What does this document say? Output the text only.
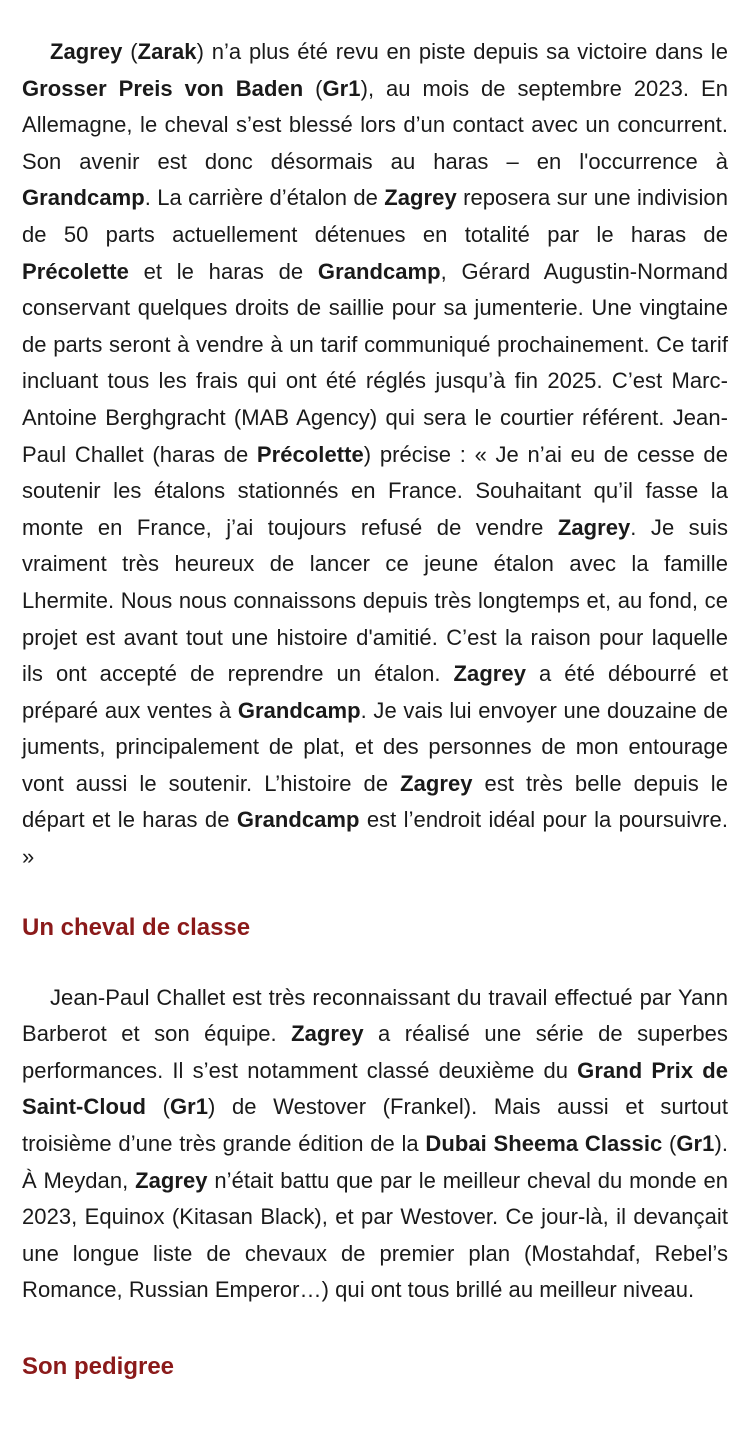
Zagrey (Zarak) n’a plus été revu en piste depuis sa victoire dans le Grosser Preis von Baden (Gr1), au mois de septembre 2023. En Allemagne, le cheval s’est blessé lors d’un contact avec un concurrent. Son avenir est donc désormais au haras – en l'occurrence à Grandcamp. La carrière d’étalon de Zagrey reposera sur une indivision de 50 parts actuellement détenues en totalité par le haras de Précolette et le haras de Grandcamp, Gérard Augustin-Normand conservant quelques droits de saillie pour sa jumenterie. Une vingtaine de parts seront à vendre à un tarif communiqué prochainement. Ce tarif incluant tous les frais qui ont été réglés jusqu’à fin 2025. C’est Marc-Antoine Berghgracht (MAB Agency) qui sera le courtier référent. Jean-Paul Challet (haras de Précolette) précise : « Je n’ai eu de cesse de soutenir les étalons stationnés en France. Souhaitant qu’il fasse la monte en France, j’ai toujours refusé de vendre Zagrey. Je suis vraiment très heureux de lancer ce jeune étalon avec la famille Lhermite. Nous nous connaissons depuis très longtemps et, au fond, ce projet est avant tout une histoire d'amitié. C’est la raison pour laquelle ils ont accepté de reprendre un étalon. Zagrey a été débourré et préparé aux ventes à Grandcamp. Je vais lui envoyer une douzaine de juments, principalement de plat, et des personnes de mon entourage vont aussi le soutenir. L’histoire de Zagrey est très belle depuis le départ et le haras de Grandcamp est l’endroit idéal pour la poursuivre. »

Un cheval de classe

Jean-Paul Challet est très reconnaissant du travail effectué par Yann Barberot et son équipe. Zagrey a réalisé une série de superbes performances. Il s’est notamment classé deuxième du Grand Prix de Saint-Cloud (Gr1) de Westover (Frankel). Mais aussi et surtout troisième d’une très grande édition de la Dubai Sheema Classic (Gr1). À Meydan, Zagrey n’était battu que par le meilleur cheval du monde en 2023, Equinox (Kitasan Black), et par Westover. Ce jour-là, il devançait une longue liste de chevaux de premier plan (Mostahdaf, Rebel’s Romance, Russian Emperor…) qui ont tous brillé au meilleur niveau.

Son pedigree
